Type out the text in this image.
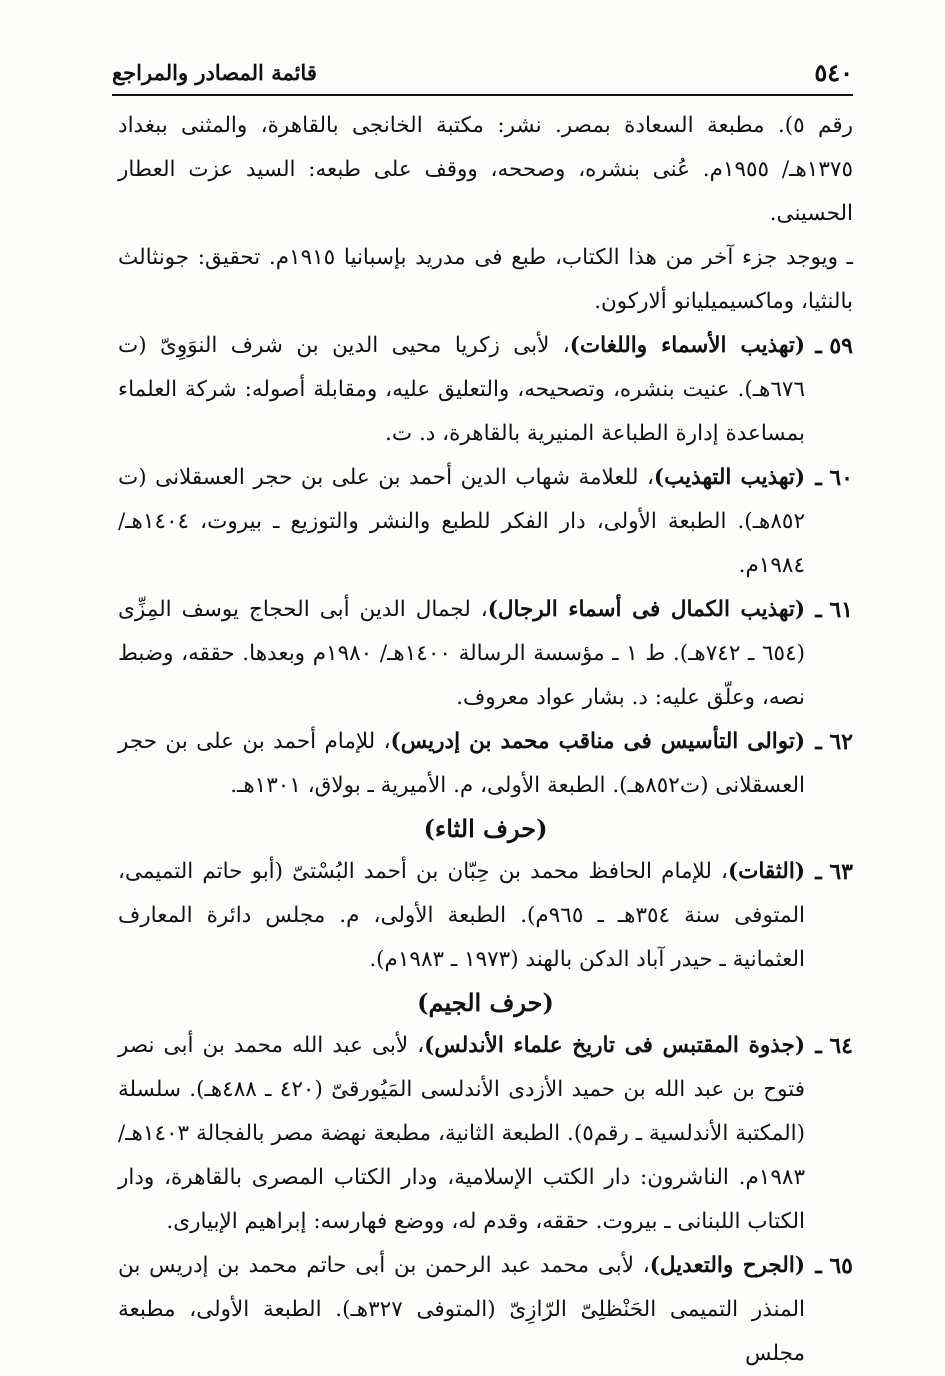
٥٤٠
قائمة المصادر والمراجع

رقم ٥). مطبعة السعادة بمصر. نشر: مكتبة الخانجى بالقاهرة، والمثنى ببغداد ١٣٧٥هـ/ ١٩٥٥م. عُنى بنشره، وصححه، ووقف على طبعه: السيد عزت العطار الحسينى.

ـ ويوجد جزء آخر من هذا الكتاب، طبع فى مدريد بإسبانيا ١٩١٥م. تحقيق: جونثالث بالنثيا، وماكسيميليانو ألاركون.

٥٩ ـ
(تهذيب الأسماء واللغات)، لأبى زكريا محيى الدين بن شرف النوَوِىّ (ت ٦٧٦هـ). عنيت بنشره، وتصحيحه، والتعليق عليه، ومقابلة أصوله: شركة العلماء بمساعدة إدارة الطباعة المنيرية بالقاهرة، د. ت.
٦٠ ـ
(تهذيب التهذيب)، للعلامة شهاب الدين أحمد بن على بن حجر العسقلانى (ت ٨٥٢هـ). الطبعة الأولى، دار الفكر للطبع والنشر والتوزيع ـ بيروت، ١٤٠٤هـ/ ١٩٨٤م.
٦١ ـ
(تهذيب الكمال فى أسماء الرجال)، لجمال الدين أبى الحجاج يوسف المِزِّى (٦٥٤ ـ ٧٤٢هـ). ط ١ ـ مؤسسة الرسالة ١٤٠٠هـ/ ١٩٨٠م وبعدها. حققه، وضبط نصه، وعلّق عليه: د. بشار عواد معروف.
٦٢ ـ
(توالى التأسيس فى مناقب محمد بن إدريس)، للإمام أحمد بن على بن حجر العسقلانى (ت٨٥٢هـ). الطبعة الأولى، م. الأميرية ـ بولاق، ١٣٠١هـ.

(حرف الثاء)

٦٣ ـ
(الثقات)، للإمام الحافظ محمد بن حِبّان بن أحمد البُسْتىّ (أبو حاتم التميمى، المتوفى سنة ٣٥٤هـ ـ ٩٦٥م). الطبعة الأولى، م. مجلس دائرة المعارف العثمانية ـ حيدر آباد الدكن بالهند (١٩٧٣ ـ ١٩٨٣م).

(حرف الجيم)

٦٤ ـ
(جذوة المقتبس فى تاريخ علماء الأندلس)، لأبى عبد الله محمد بن أبى نصر فتوح بن عبد الله بن حميد الأزدى الأندلسى المَيُورقىّ (٤٢٠ ـ ٤٨٨هـ). سلسلة (المكتبة الأندلسية ـ رقم٥). الطبعة الثانية، مطبعة نهضة مصر بالفجالة ١٤٠٣هـ/ ١٩٨٣م. الناشرون: دار الكتب الإسلامية، ودار الكتاب المصرى بالقاهرة، ودار الكتاب اللبنانى ـ بيروت. حققه، وقدم له، ووضع فهارسه: إبراهيم الإبيارى.
٦٥ ـ
(الجرح والتعديل)، لأبى محمد عبد الرحمن بن أبى حاتم محمد بن إدريس بن المنذر التميمى الحَنْظلِىّ الرّازِىّ (المتوفى ٣٢٧هـ). الطبعة الأولى، مطبعة مجلس
